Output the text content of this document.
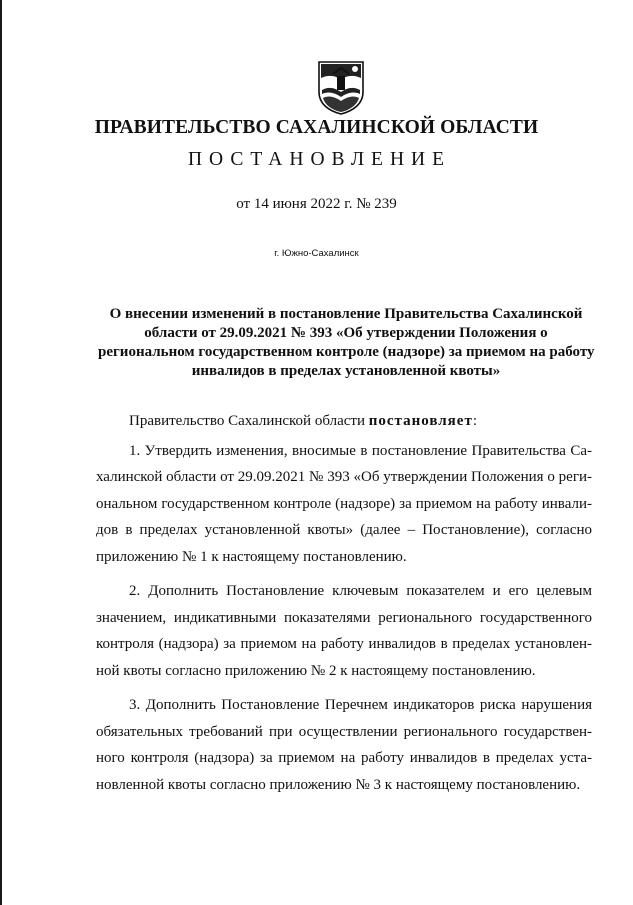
ПРАВИТЕЛЬСТВО САХАЛИНСКОЙ ОБЛАСТИ
ПОСТАНОВЛЕНИЕ
от 14 июня 2022 г. № 239
г. Южно-Сахалинск
О внесении изменений в постановление Правительства Сахалинской
области от 29.09.2021 № 393 «Об утверждении Положения о
региональном государственном контроле (надзоре) за приемом на работу
инвалидов в пределах установленной квоты»
Правительство Сахалинской области постановляет:
1. Утвердить изменения, вносимые в постановление Правительства Са-
халинской области от 29.09.2021 № 393 «Об утверждении Положения о реги-
ональном государственном контроле (надзоре) за приемом на работу инвали-
дов в пределах установленной квоты» (далее – Постановление), согласно
приложению № 1 к настоящему постановлению.
2. Дополнить Постановление ключевым показателем и его целевым
значением, индикативными показателями регионального государственного
контроля (надзора) за приемом на работу инвалидов в пределах установлен-
ной квоты согласно приложению № 2 к настоящему постановлению.
3. Дополнить Постановление Перечнем индикаторов риска нарушения
обязательных требований при осуществлении регионального государствен-
ного контроля (надзора) за приемом на работу инвалидов в пределах уста-
новленной квоты согласно приложению № 3 к настоящему постановлению.
